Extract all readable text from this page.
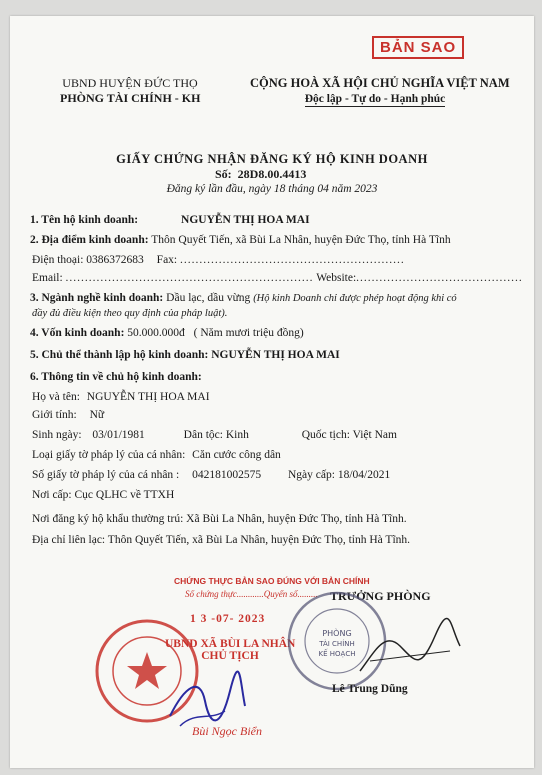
BẢN SAO
UBND HUYỆN ĐỨC THỌ
PHÒNG TÀI CHÍNH - KH
CỘNG HOÀ XÃ HỘI CHỦ NGHĨA VIỆT NAM
Độc lập - Tự do - Hạnh phúc
GIẤY CHỨNG NHẬN ĐĂNG KÝ HỘ KINH DOANH
Số: 28D8.00.4413
Đăng ký lần đầu, ngày 18 tháng 04 năm 2023
1. Tên hộ kinh doanh:	NGUYỄN THỊ HOA MAI
2. Địa điểm kinh doanh: Thôn Quyết Tiến, xã Bùi La Nhân, huyện Đức Thọ, tỉnh Hà Tĩnh
Điện thoại: 0386372683 Fax: ..........................................................
Email: ................................................................ Website:...........................................
3. Ngành nghề kinh doanh: Dầu lạc, dầu vừng (Hộ kinh Doanh chỉ được phép hoạt động khi có
đầy đủ điều kiện theo quy định của pháp luật).
4. Vốn kinh doanh: 50.000.000đ ( Năm mươi triệu đồng)
5. Chủ thể thành lập hộ kinh doanh: NGUYỄN THỊ HOA MAI
6. Thông tin về chủ hộ kinh doanh:
Họ và tên: NGUYỄN THỊ HOA MAI
Giới tính: Nữ
Sinh ngày: 03/01/1981	Dân tộc: Kinh	Quốc tịch: Việt Nam
Loại giấy tờ pháp lý của cá nhân: Căn cước công dân
Số giấy tờ pháp lý của cá nhân : 042181002575 Ngày cấp: 18/04/2021
Nơi cấp: Cục QLHC về TTXH
Nơi đăng ký hộ khẩu thường trú: Xã Bùi La Nhân, huyện Đức Thọ, tỉnh Hà Tĩnh.
Địa chỉ liên lạc: Thôn Quyết Tiến, xã Bùi La Nhân, huyện Đức Thọ, tỉnh Hà Tĩnh.
CHỨNG THỰC BẢN SAO ĐÚNG VỚI BẢN CHÍNH
Số chứng thực............Quyển số.........
1 3 -07- 2023
UBND XÃ BÙI LA NHÂN
CHỦ TỊCH
Bùi Ngọc Biển
TRƯỞNG PHÒNG
PHÒNG
TÀI CHÍNH
KẾ HOẠCH
Lê Trung Dũng
